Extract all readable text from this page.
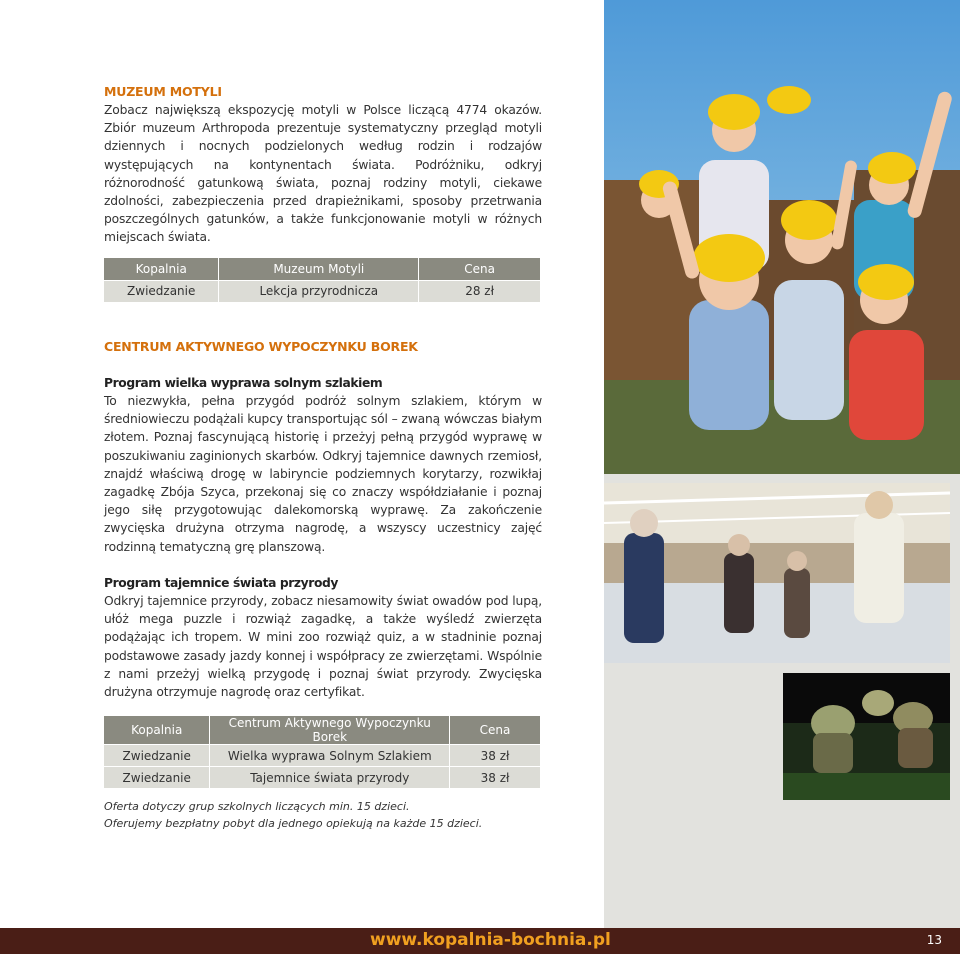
MUZEUM MOTYLI
Zobacz największą ekspozycję motyli w Polsce liczącą 4774 okazów. Zbiór muzeum Arthropoda prezentuje systematyczny przegląd motyli dziennych i nocnych podzielonych według rodzin i rodzajów występujących na kontynentach świata. Podróżniku, odkryj różnorodność gatunkową świata, poznaj rodziny motyli, ciekawe zdolności, zabezpieczenia przed drapieżnikami, sposoby przetrwania poszczególnych gatunków, a także funkcjonowanie motyli w różnych miejscach świata.
Kopalnia	Muzeum Motyli	Cena
Zwiedzanie	Lekcja przyrodnicza	28 zł
CENTRUM AKTYWNEGO WYPOCZYNKU BOREK
Program wielka wyprawa solnym szlakiem
To niezwykła, pełna przygód podróż solnym szlakiem, którym w średniowieczu podążali kupcy transportując sól – zwaną wówczas białym złotem. Poznaj fascynującą historię i przeżyj pełną przygód wyprawę w poszukiwaniu zaginionych skarbów. Odkryj tajemnice dawnych rzemiosł, znajdź właściwą drogę w labiryncie podziemnych korytarzy, rozwikłaj zagadkę Zbója Szyca, przekonaj się co znaczy współdziałanie i poznaj jego siłę przygotowując dalekomorską wyprawę. Za zakończenie zwycięska drużyna otrzyma nagrodę, a wszyscy uczestnicy zajęć rodzinną tematyczną grę planszową.
Program tajemnice świata przyrody
Odkryj tajemnice przyrody, zobacz niesamowity świat owadów pod lupą, ułóż mega puzzle i rozwiąż zagadkę, a także wyśledź zwierzęta podążając ich tropem. W mini zoo rozwiąż quiz, a w stadninie poznaj podstawowe zasady jazdy konnej i współpracy ze zwierzętami. Wspólnie z nami przeżyj wielką przygodę i poznaj świat przyrody. Zwycięska drużyna otrzymuje nagrodę oraz certyfikat.
Kopalnia	Centrum Aktywnego Wypoczynku Borek	Cena
Zwiedzanie	Wielka wyprawa Solnym Szlakiem	38 zł
Zwiedzanie	Tajemnice świata przyrody	38 zł
Oferta dotyczy grup szkolnych liczących min. 15 dzieci.
Oferujemy bezpłatny pobyt dla jednego opiekują na każde 15 dzieci.
www.kopalnia-bochnia.pl	13
